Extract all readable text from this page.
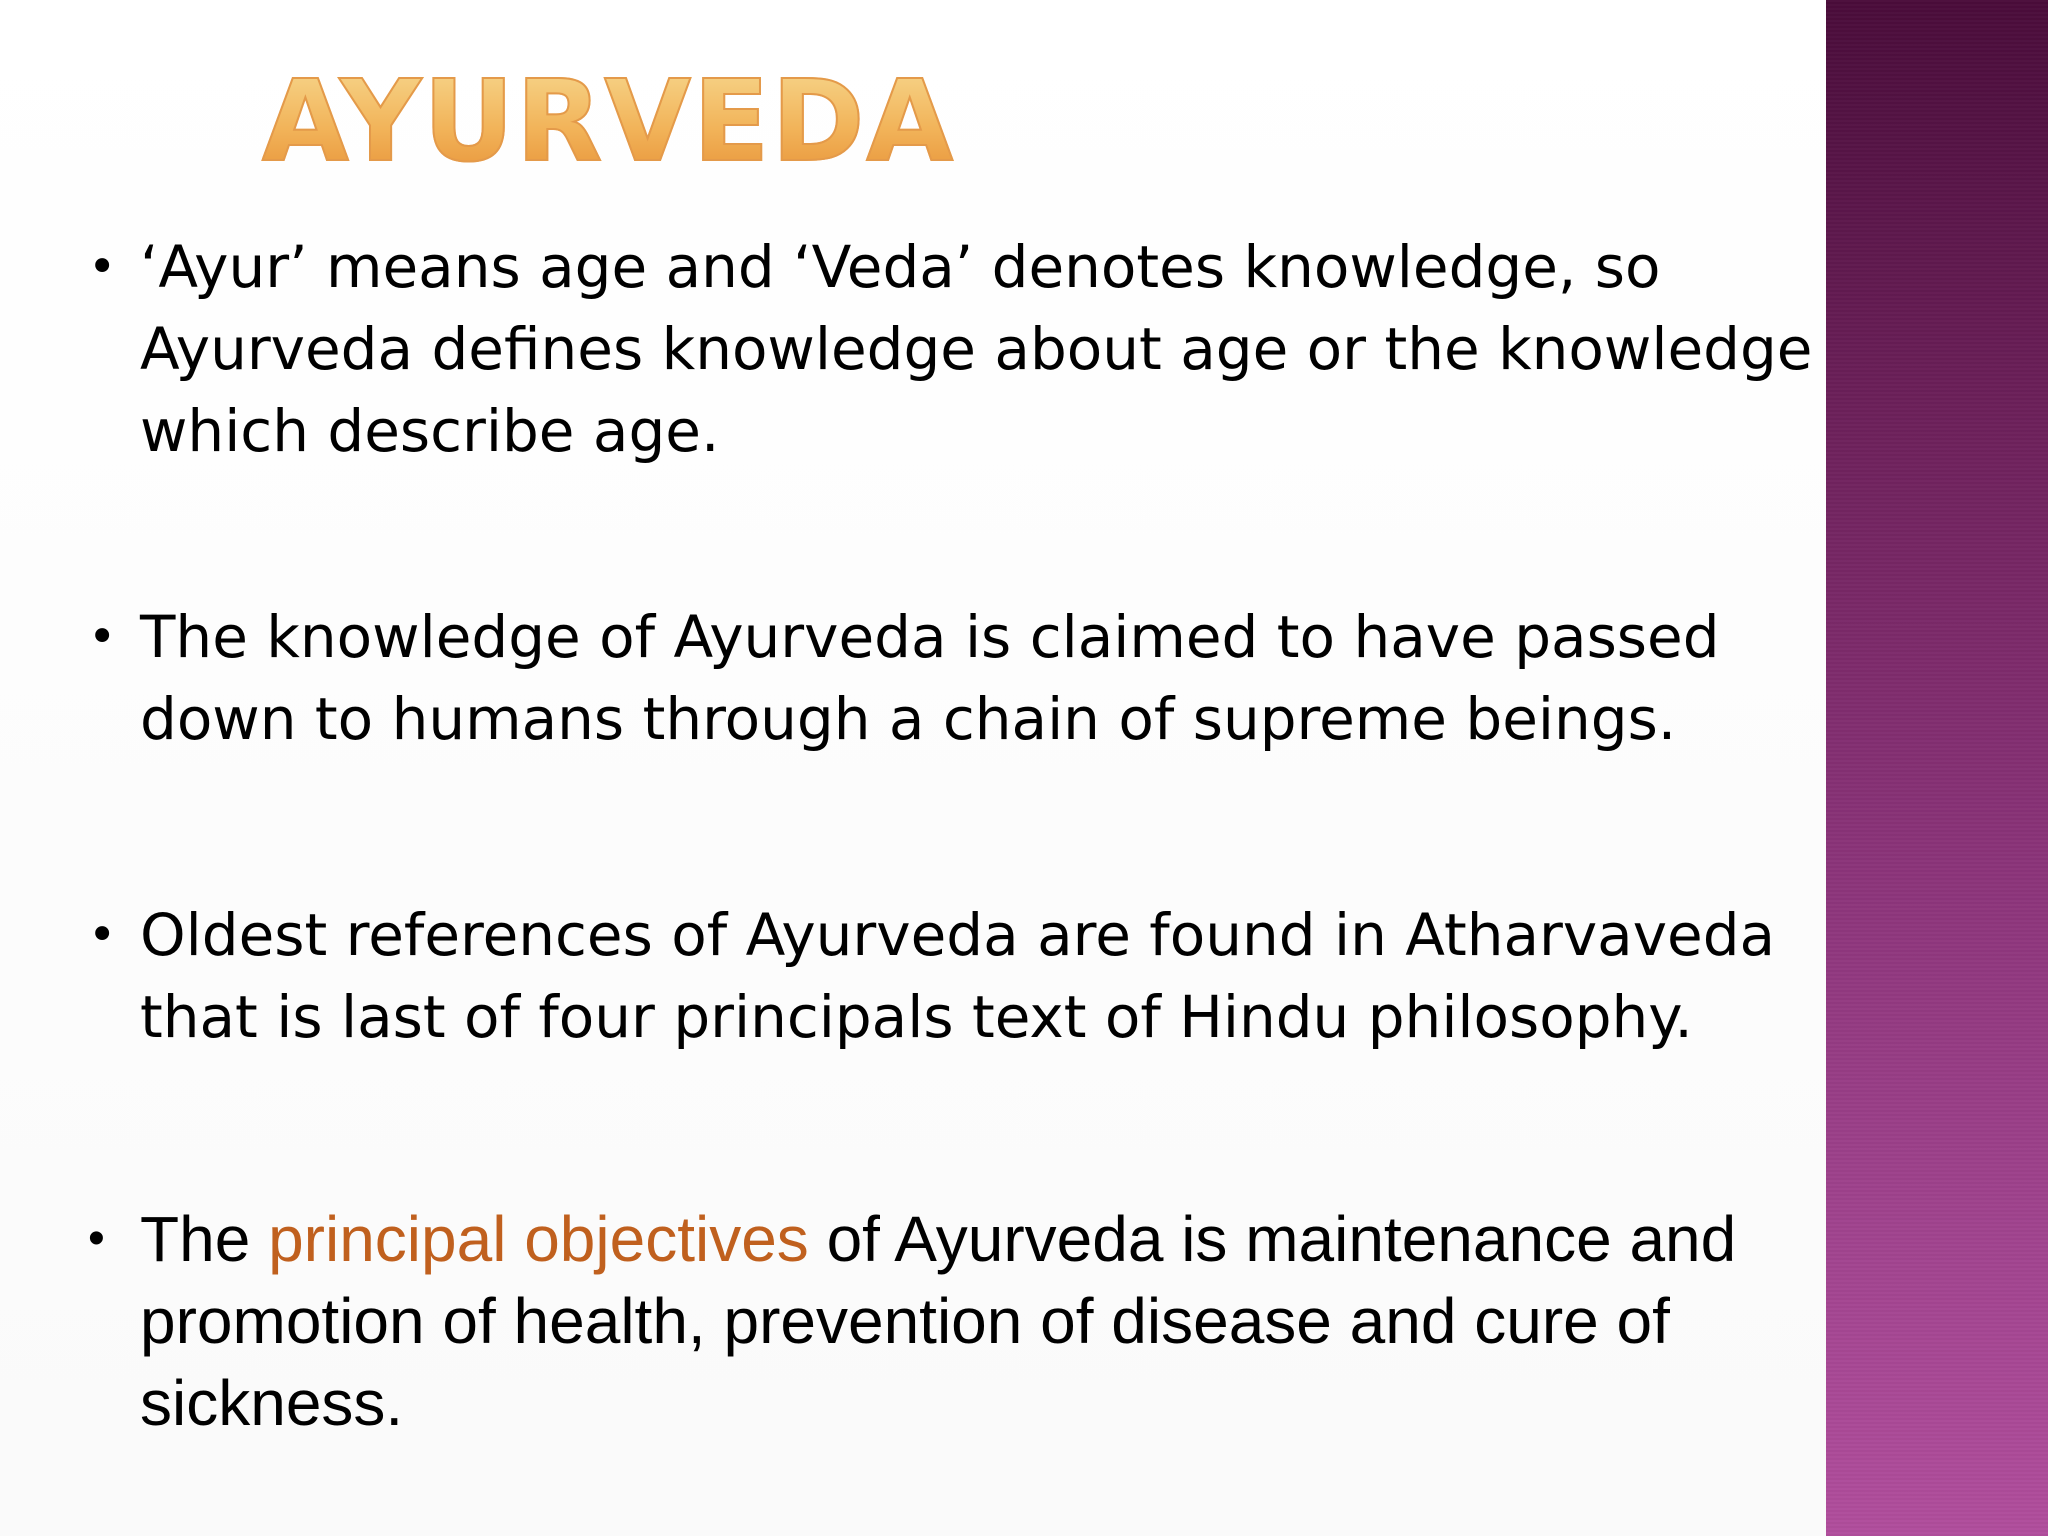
AYURVEDA
• ‘Ayur’ means age and ‘Veda’ denotes knowledge, so Ayurveda defines knowledge about age or the knowledge which describe age.
• The knowledge of Ayurveda is claimed to have passed down to humans through a chain of supreme beings.
• Oldest references of Ayurveda are found in Atharvaveda that is last of four principals text of Hindu philosophy.
• The principal objectives of Ayurveda is maintenance and promotion of health, prevention of disease and cure of sickness.
